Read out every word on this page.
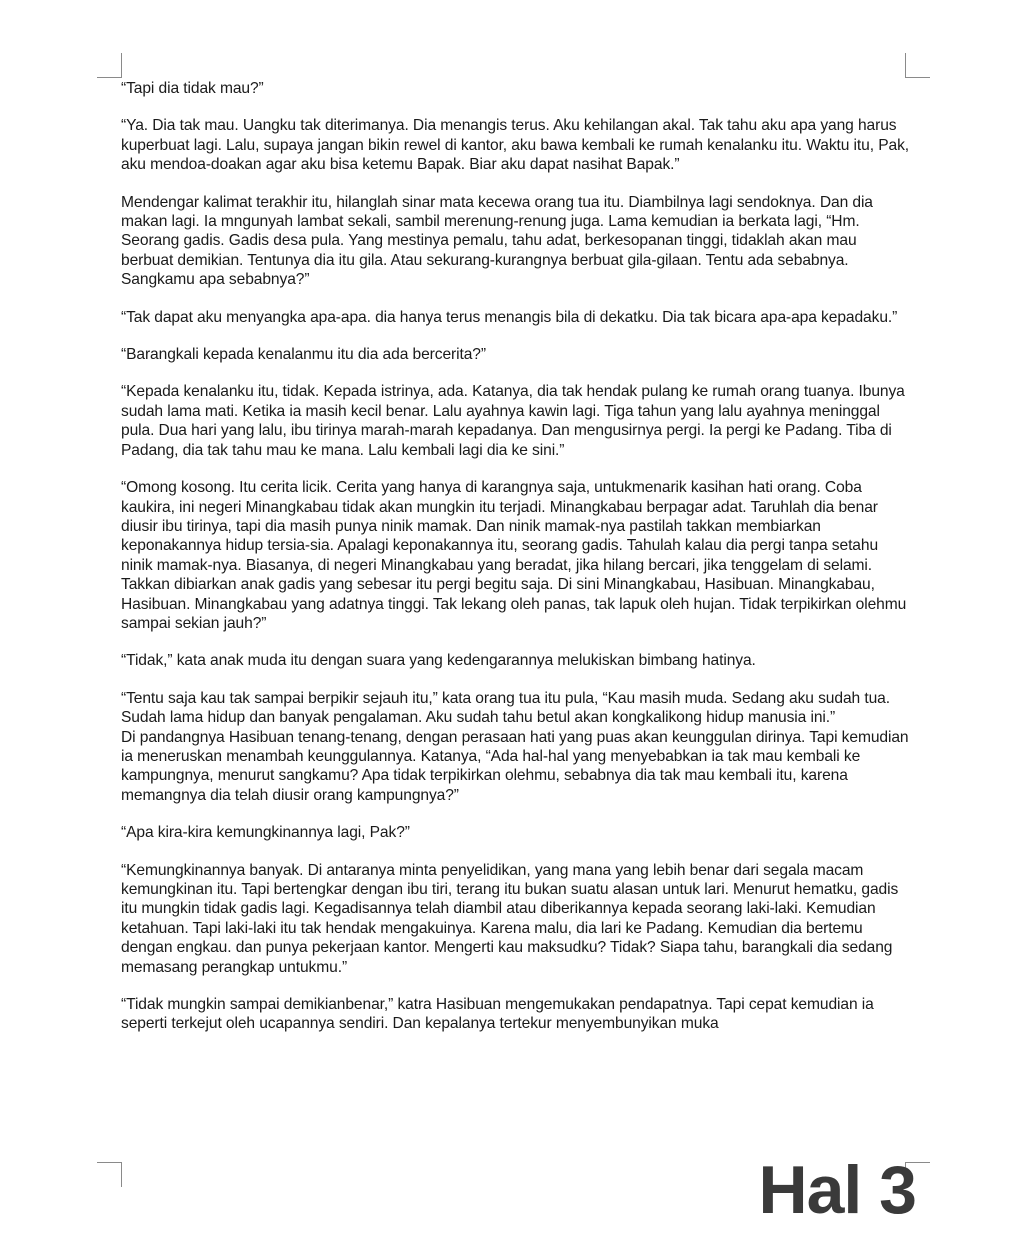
“Tapi dia tidak mau?”

“Ya. Dia tak mau. Uangku tak diterimanya. Dia menangis terus. Aku kehilangan akal. Tak tahu aku apa yang harus kuperbuat lagi. Lalu, supaya jangan bikin rewel di kantor, aku bawa kembali ke rumah kenalanku itu. Waktu itu, Pak, aku mendoa-doakan agar aku bisa ketemu Bapak. Biar aku dapat nasihat Bapak.”

Mendengar kalimat terakhir itu, hilanglah sinar mata kecewa orang tua itu. Diambilnya lagi sendoknya. Dan dia makan lagi. Ia mngunyah lambat sekali, sambil merenung-renung juga. Lama kemudian ia berkata lagi, “Hm. Seorang gadis. Gadis desa pula. Yang mestinya pemalu, tahu adat, berkesopanan tinggi, tidaklah akan mau berbuat demikian. Tentunya dia itu gila. Atau sekurang-kurangnya berbuat gila-gilaan. Tentu ada sebabnya. Sangkamu apa sebabnya?”

“Tak dapat aku menyangka apa-apa. dia hanya terus menangis bila di dekatku. Dia tak bicara apa-apa kepadaku.”

“Barangkali kepada kenalanmu itu dia ada bercerita?”

“Kepada kenalanku itu, tidak. Kepada istrinya, ada. Katanya, dia tak hendak pulang ke rumah orang tuanya. Ibunya sudah lama mati. Ketika ia masih kecil benar. Lalu ayahnya kawin lagi. Tiga tahun yang lalu ayahnya meninggal pula. Dua hari yang lalu, ibu tirinya marah-marah kepadanya. Dan mengusirnya pergi. Ia pergi ke Padang. Tiba di Padang, dia tak tahu mau ke mana. Lalu kembali lagi dia ke sini.”

“Omong kosong. Itu cerita licik. Cerita yang hanya di karangnya saja, untukmenarik kasihan hati orang. Coba kaukira, ini negeri Minangkabau tidak akan mungkin itu terjadi. Minangkabau berpagar adat. Taruhlah dia benar diusir ibu tirinya, tapi dia masih punya ninik mamak. Dan ninik mamak-nya pastilah takkan membiarkan keponakannya hidup tersia-sia. Apalagi keponakannya itu, seorang gadis. Tahulah kalau dia pergi tanpa setahu ninik mamak-nya. Biasanya, di negeri Minangkabau yang beradat, jika hilang bercari, jika tenggelam di selami. Takkan dibiarkan anak gadis yang sebesar itu pergi begitu saja. Di sini Minangkabau, Hasibuan. Minangkabau, Hasibuan. Minangkabau yang adatnya tinggi. Tak lekang oleh panas, tak lapuk oleh hujan. Tidak terpikirkan olehmu sampai sekian jauh?”

“Tidak,” kata anak muda itu dengan suara yang kedengarannya melukiskan bimbang hatinya.

“Tentu saja kau tak sampai berpikir sejauh itu,” kata orang tua itu pula, “Kau masih muda. Sedang aku sudah tua. Sudah lama hidup dan banyak pengalaman. Aku sudah tahu betul akan kongkalikong hidup manusia ini.”

Di pandangnya Hasibuan tenang-tenang, dengan perasaan hati yang puas akan keunggulan dirinya. Tapi kemudian ia meneruskan menambah keunggulannya. Katanya, “Ada hal-hal yang menyebabkan ia tak mau kembali ke kampungnya, menurut sangkamu? Apa tidak terpikirkan olehmu, sebabnya dia tak mau kembali itu, karena memangnya dia telah diusir orang kampungnya?”

“Apa kira-kira kemungkinannya lagi, Pak?”

“Kemungkinannya banyak. Di antaranya minta penyelidikan, yang mana yang lebih benar dari segala macam kemungkinan itu. Tapi bertengkar dengan ibu tiri, terang itu bukan suatu alasan untuk lari. Menurut hematku, gadis itu mungkin tidak gadis lagi. Kegadisannya telah diambil atau diberikannya kepada seorang laki-laki. Kemudian ketahuan. Tapi laki-laki itu tak hendak mengakuinya. Karena malu, dia lari ke Padang. Kemudian dia bertemu dengan engkau. dan punya pekerjaan kantor. Mengerti kau maksudku? Tidak? Siapa tahu, barangkali dia sedang memasang perangkap untukmu.”

“Tidak mungkin sampai demikianbenar,” katra Hasibuan mengemukakan pendapatnya. Tapi cepat kemudian ia seperti terkejut oleh ucapannya sendiri. Dan kepalanya tertekur menyembunyikan muka

Hal 3
